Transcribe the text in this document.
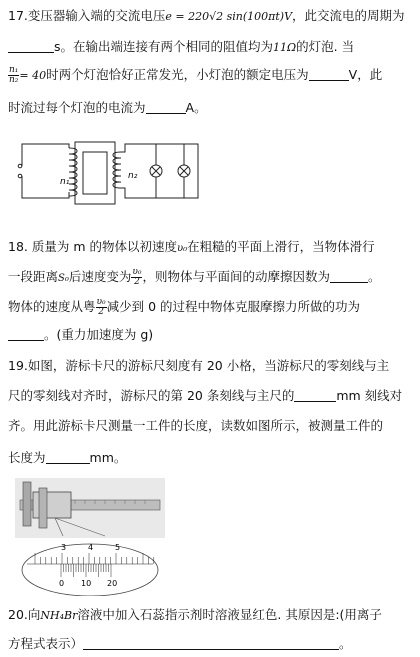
17.变压器输入端的交流电压e = 220√2 sin(100πt)V，此交流电的周期为
s。在输出端连接有两个相同的阻值均为11Ω的灯泡. 当
$\frac{\text{n₁}}{\text{n₂}} = 40$时两个灯泡恰好正常发光，小灯泡的额定电压为	V，此
时流过每个灯泡的电流为	A。
n₁
n₂
18. 质量为 m 的物体以初速度υ₀在粗糙的平面上滑行，当物体滑行
一段距离S₀后速度变为 $\frac{\text{υ₀}}{2}$ ，则物体与平面间的动摩擦因数为	。
物体的速度从粤 $\frac{\text{υ₀}}{2}$ 减少到 0 的过程中物体克服摩擦力所做的功为
。(重力加速度为 g)
19.如图，游标卡尺的游标尺刻度有 20 小格，当游标尺的零刻线与主
尺的零刻线对齐时，游标尺的第 20 条刻线与主尺的	mm 刻线对
齐。用此游标卡尺测量一工件的长度，读数如图所示，被测量工件的
长度为	mm。
3	4	5
0 10 20
20.向NH₄Br溶液中加入石蕊指示剂时溶液显红色. 其原因是:(用离子
方程式表示）	。
